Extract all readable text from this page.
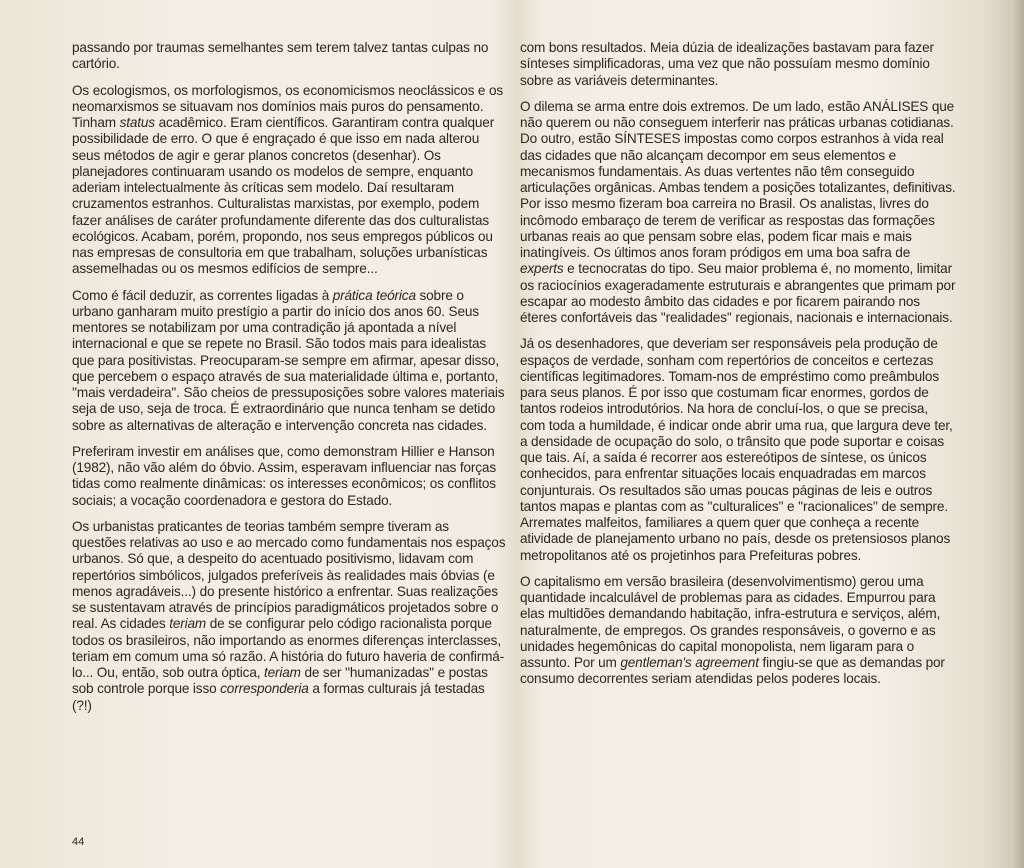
passando por traumas semelhantes sem terem talvez tantas culpas no cartório.

Os ecologismos, os morfologismos, os economicismos neoclássicos e os neomarxismos se situavam nos domínios mais puros do pensamento. Tinham status acadêmico. Eram científicos. Garantiram contra qualquer possibilidade de erro. O que é engraçado é que isso em nada alterou seus métodos de agir e gerar planos concretos (desenhar). Os planejadores continuaram usando os modelos de sempre, enquanto aderiam intelectualmente às críticas sem modelo. Daí resultaram cruzamentos estranhos. Culturalistas marxistas, por exemplo, podem fazer análises de caráter profundamente diferente das dos culturalistas ecológicos. Acabam, porém, propondo, nos seus empregos públicos ou nas empresas de consultoria em que trabalham, soluções urbanísticas assemelhadas ou os mesmos edifícios de sempre...

Como é fácil deduzir, as correntes ligadas à prática teórica sobre o urbano ganharam muito prestígio a partir do início dos anos 60. Seus mentores se notabilizam por uma contradição já apontada a nível internacional e que se repete no Brasil. São todos mais para idealistas que para positivistas. Preocuparam-se sempre em afirmar, apesar disso, que percebem o espaço através de sua materialidade última e, portanto, ''mais verdadeira''. São cheios de pressuposições sobre valores materiais seja de uso, seja de troca. É extraordinário que nunca tenham se detido sobre as alternativas de alteração e intervenção concreta nas cidades.

Preferiram investir em análises que, como demonstram Hillier e Hanson (1982), não vão além do óbvio. Assim, esperavam influenciar nas forças tidas como realmente dinâmicas: os interesses econômicos; os conflitos sociais; a vocação coordenadora e gestora do Estado.

Os urbanistas praticantes de teorias também sempre tiveram as questões relativas ao uso e ao mercado como fundamentais nos espaços urbanos. Só que, a despeito do acentuado positivismo, lidavam com repertórios simbólicos, julgados preferíveis às realidades mais óbvias (e menos agradáveis...) do presente histórico a enfrentar. Suas realizações se sustentavam através de princípios paradigmáticos projetados sobre o real. As cidades teriam de se configurar pelo código racionalista porque todos os brasileiros, não importando as enormes diferenças interclasses, teriam em comum uma só razão. A história do futuro haveria de confirmá-lo... Ou, então, sob outra óptica, teriam de ser ''humanizadas'' e postas sob controle porque isso corresponderia a formas culturais já testadas (?!)

com bons resultados. Meia dúzia de idealizações bastavam para fazer sínteses simplificadoras, uma vez que não possuíam mesmo domínio sobre as variáveis determinantes.

O dilema se arma entre dois extremos. De um lado, estão ANÁLISES que não querem ou não conseguem interferir nas práticas urbanas cotidianas. Do outro, estão SÍNTESES impostas como corpos estranhos à vida real das cidades que não alcançam decompor em seus elementos e mecanismos fundamentais. As duas vertentes não têm conseguido articulações orgânicas. Ambas tendem a posições totalizantes, definitivas. Por isso mesmo fizeram boa carreira no Brasil. Os analistas, livres do incômodo embaraço de terem de verificar as respostas das formações urbanas reais ao que pensam sobre elas, podem ficar mais e mais inatingíveis. Os últimos anos foram pródigos em uma boa safra de experts e tecnocratas do tipo. Seu maior problema é, no momento, limitar os raciocínios exageradamente estruturais e abrangentes que primam por escapar ao modesto âmbito das cidades e por ficarem pairando nos éteres confortáveis das ''realidades'' regionais, nacionais e internacionais.

Já os desenhadores, que deveriam ser responsáveis pela produção de espaços de verdade, sonham com repertórios de conceitos e certezas científicas legitimadores. Tomam-nos de empréstimo como preâmbulos para seus planos. É por isso que costumam ficar enormes, gordos de tantos rodeios introdutórios. Na hora de concluí-los, o que se precisa, com toda a humildade, é indicar onde abrir uma rua, que largura deve ter, a densidade de ocupação do solo, o trânsito que pode suportar e coisas que tais. Aí, a saída é recorrer aos estereótipos de síntese, os únicos conhecidos, para enfrentar situações locais enquadradas em marcos conjunturais. Os resultados são umas poucas páginas de leis e outros tantos mapas e plantas com as ''culturalices'' e ''racionalices'' de sempre. Arremates malfeitos, familiares a quem quer que conheça a recente atividade de planejamento urbano no país, desde os pretensiosos planos metropolitanos até os projetinhos para Prefeituras pobres.

O capitalismo em versão brasileira (desenvolvimentismo) gerou uma quantidade incalculável de problemas para as cidades. Empurrou para elas multidões demandando habitação, infra-estrutura e serviços, além, naturalmente, de empregos. Os grandes responsáveis, o governo e as unidades hegemônicas do capital monopolista, nem ligaram para o assunto. Por um gentleman's agreement fingiu-se que as demandas por consumo decorrentes seriam atendidas pelos poderes locais.

44
